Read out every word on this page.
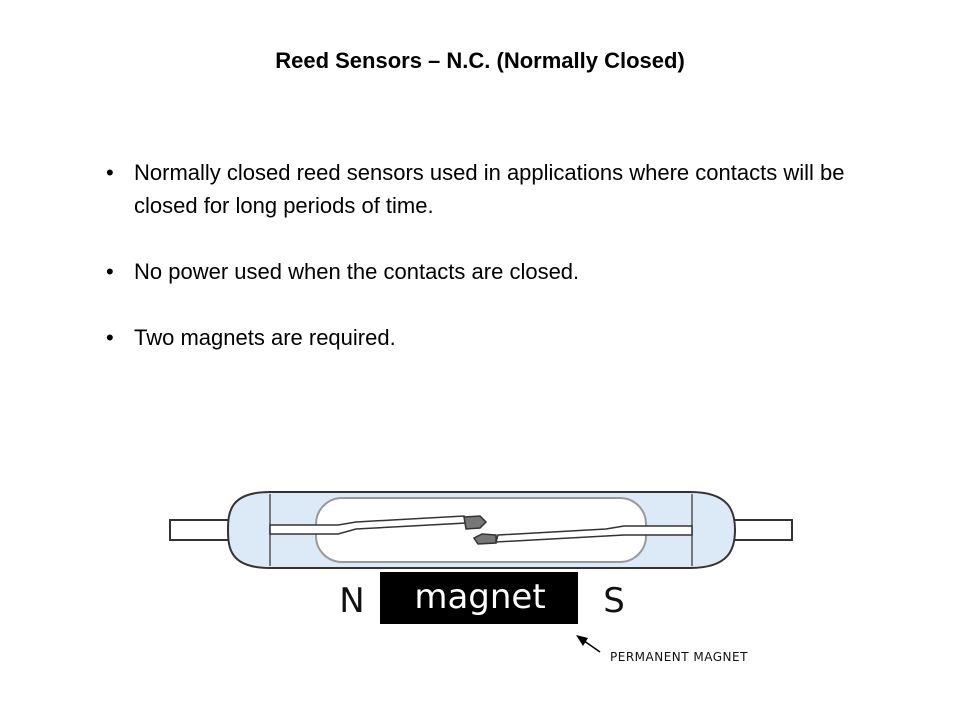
Reed Sensors – N.C. (Normally Closed)
• Normally closed reed sensors used in applications where contacts will be closed for long periods of time.
• No power used when the contacts are closed.
• Two magnets are required.
N magnet S
PERMANENT MAGNET
